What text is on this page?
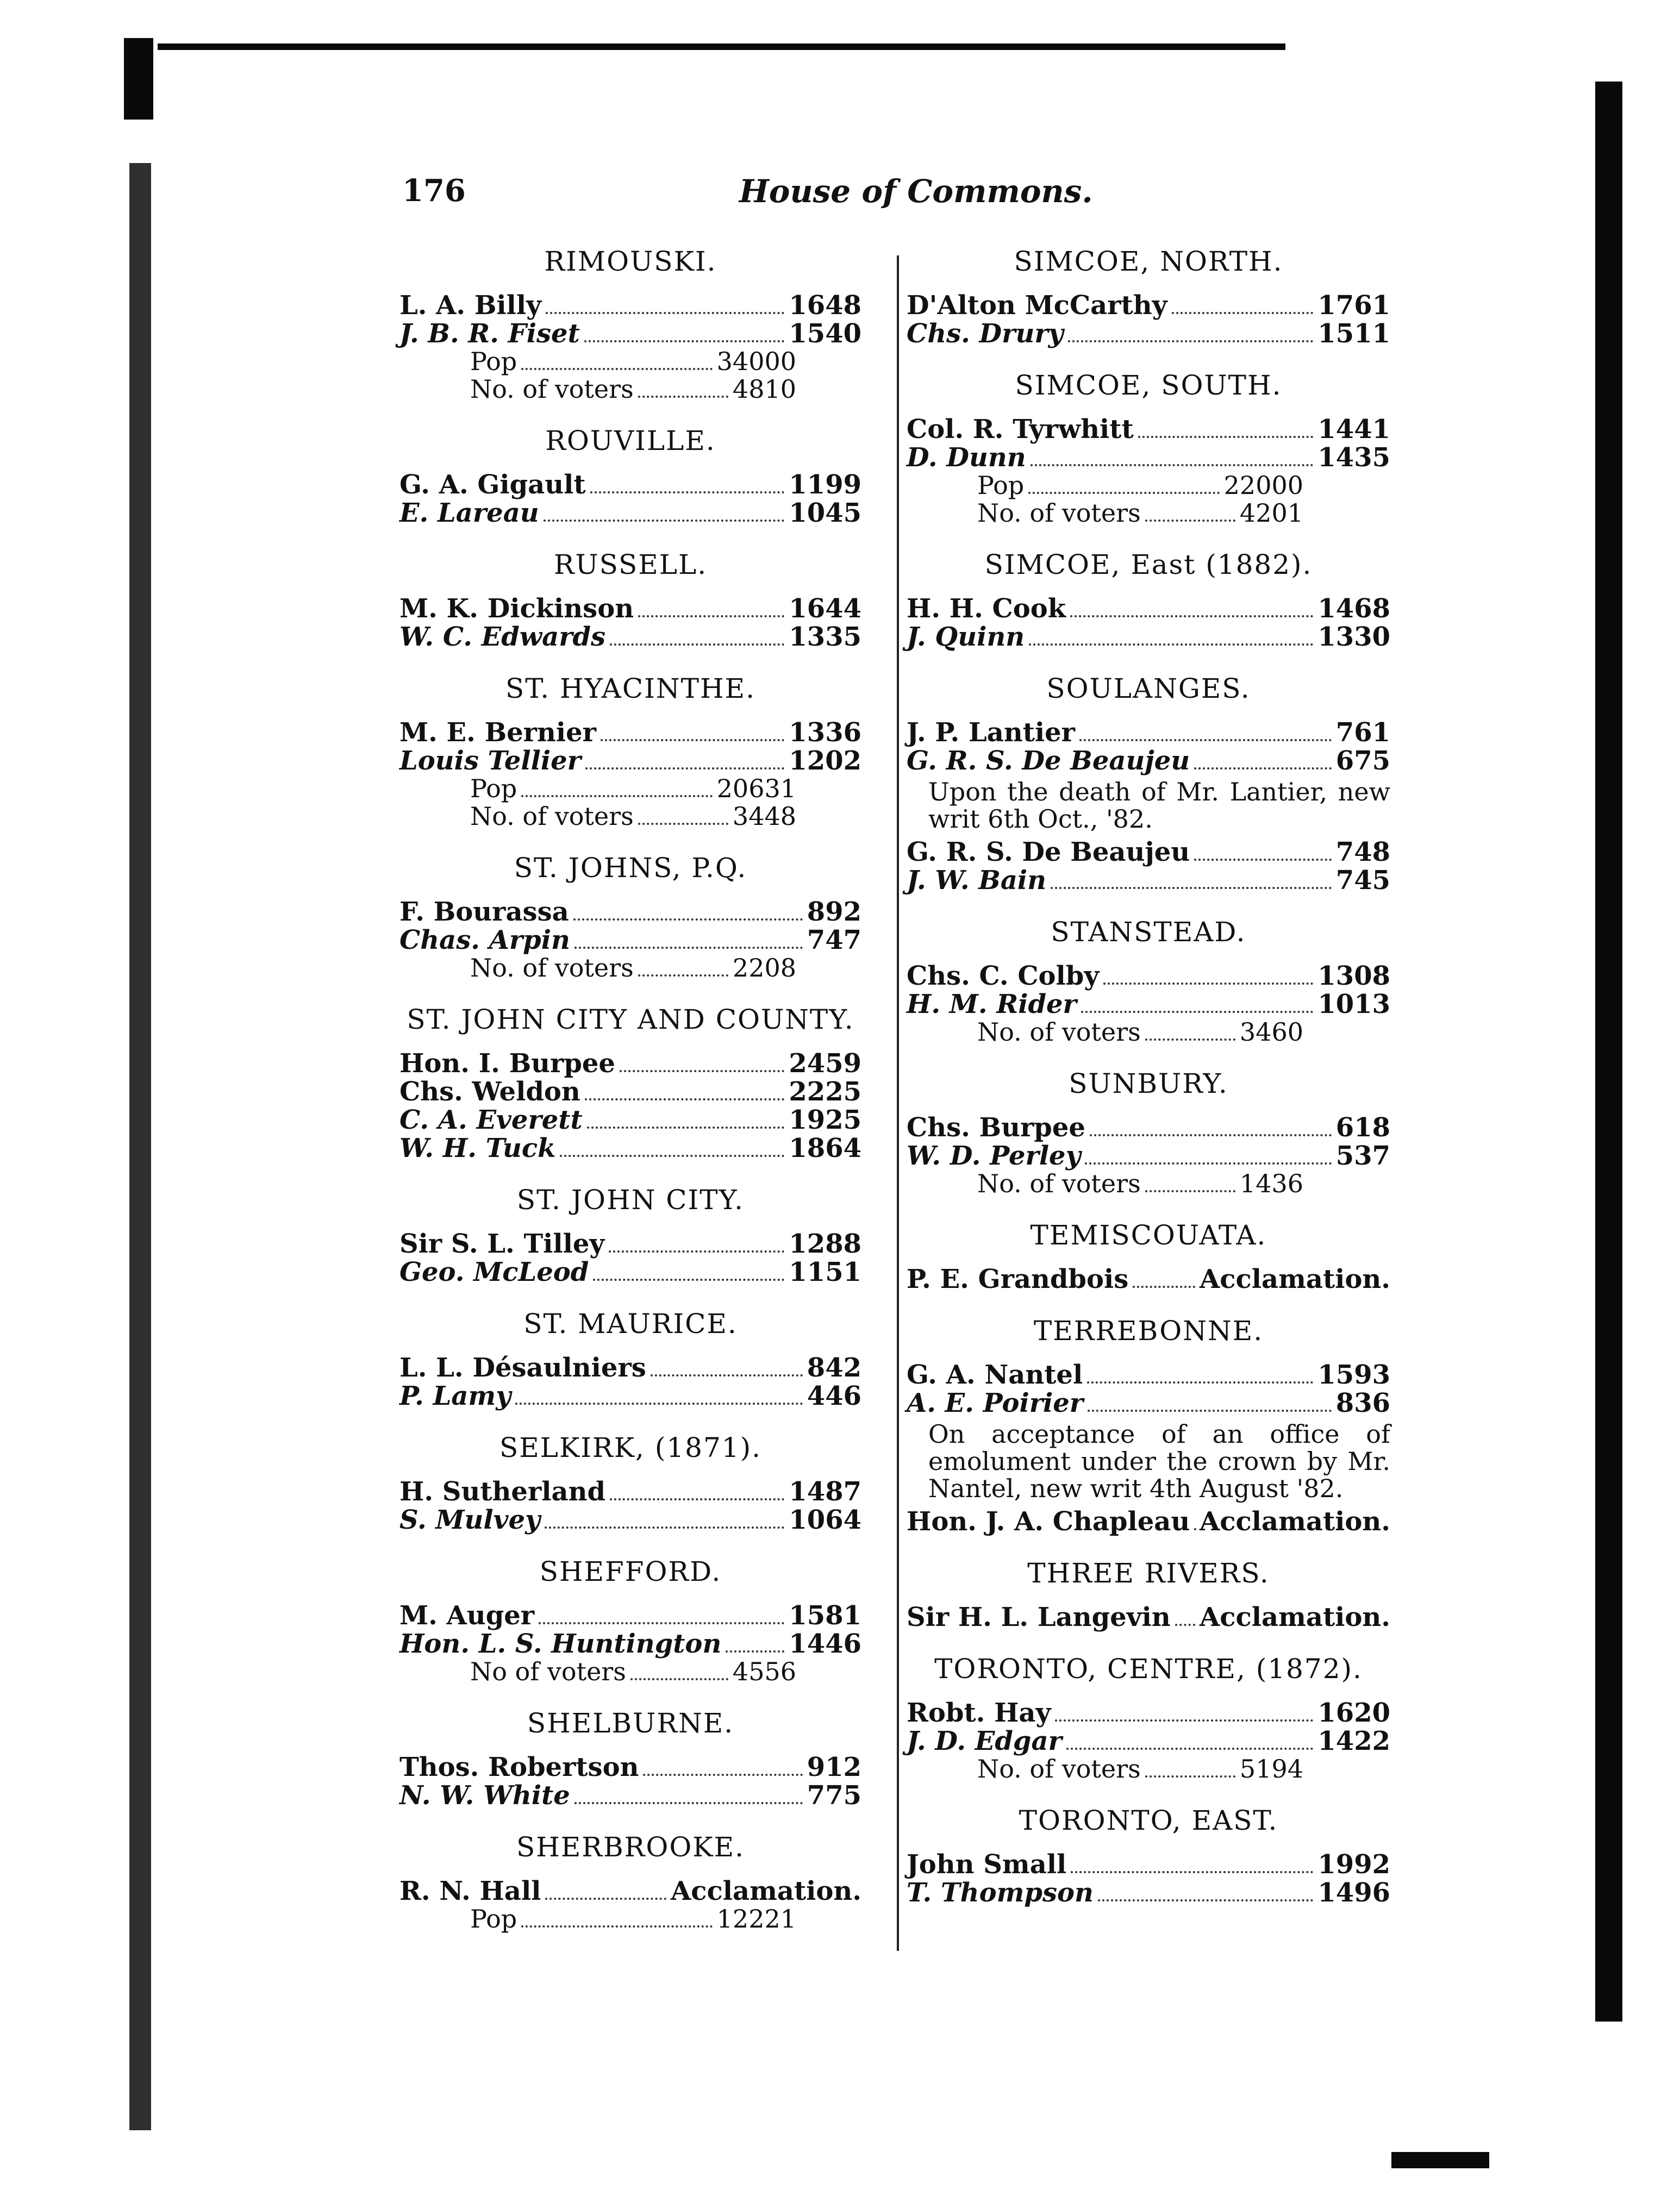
176	House of Commons.
RIMOUSKI.
L. A. Billy	1648
J. B. R. Fiset	1540
Pop	34000
No. of voters	4810
ROUVILLE.
G. A. Gigault	1199
E. Lareau	1045
RUSSELL.
M. K. Dickinson	1644
W. C. Edwards	1335
ST. HYACINTHE.
M. E. Bernier	1336
Louis Tellier	1202
Pop	20631
No. of voters	3448
ST. JOHNS, P.Q.
F. Bourassa	892
Chas. Arpin	747
No. of voters	2208
ST. JOHN CITY AND COUNTY.
Hon. I. Burpee	2459
Chs. Weldon	2225
C. A. Everett	1925
W. H. Tuck	1864
ST. JOHN CITY.
Sir S. L. Tilley	1288
Geo. McLeod	1151
ST. MAURICE.
L. L. Désaulniers	842
P. Lamy	446
SELKIRK, (1871).
H. Sutherland	1487
S. Mulvey	1064
SHEFFORD.
M. Auger	1581
Hon. L. S. Huntington	1446
No of voters	4556
SHELBURNE.
Thos. Robertson	912
N. W. White	775
SHERBROOKE.
R. N. Hall	Acclamation.
Pop	12221
SIMCOE, NORTH.
D'Alton McCarthy	1761
Chs. Drury	1511
SIMCOE, SOUTH.
Col. R. Tyrwhitt	1441
D. Dunn	1435
Pop	22000
No. of voters	4201
SIMCOE, East (1882).
H. H. Cook	1468
J. Quinn	1330
SOULANGES.
J. P. Lantier	761
G. R. S. De Beaujeu	675
Upon the death of Mr. Lantier, new writ 6th Oct., '82.
G. R. S. De Beaujeu	748
J. W. Bain	745
STANSTEAD.
Chs. C. Colby	1308
H. M. Rider	1013
No. of voters	3460
SUNBURY.
Chs. Burpee	618
W. D. Perley	537
No. of voters	1436
TEMISCOUATA.
P. E. Grandbois	Acclamation.
TERREBONNE.
G. A. Nantel	1593
A. E. Poirier	836
On acceptance of an office of emolument under the crown by Mr. Nantel, new writ 4th August '82.
Hon. J. A. Chapleau Acclamation.
THREE RIVERS.
Sir H. L. Langevin Acclamation.
TORONTO, CENTRE, (1872).
Robt. Hay	1620
J. D. Edgar	1422
No. of voters	5194
TORONTO, EAST.
John Small	1992
T. Thompson	1496
